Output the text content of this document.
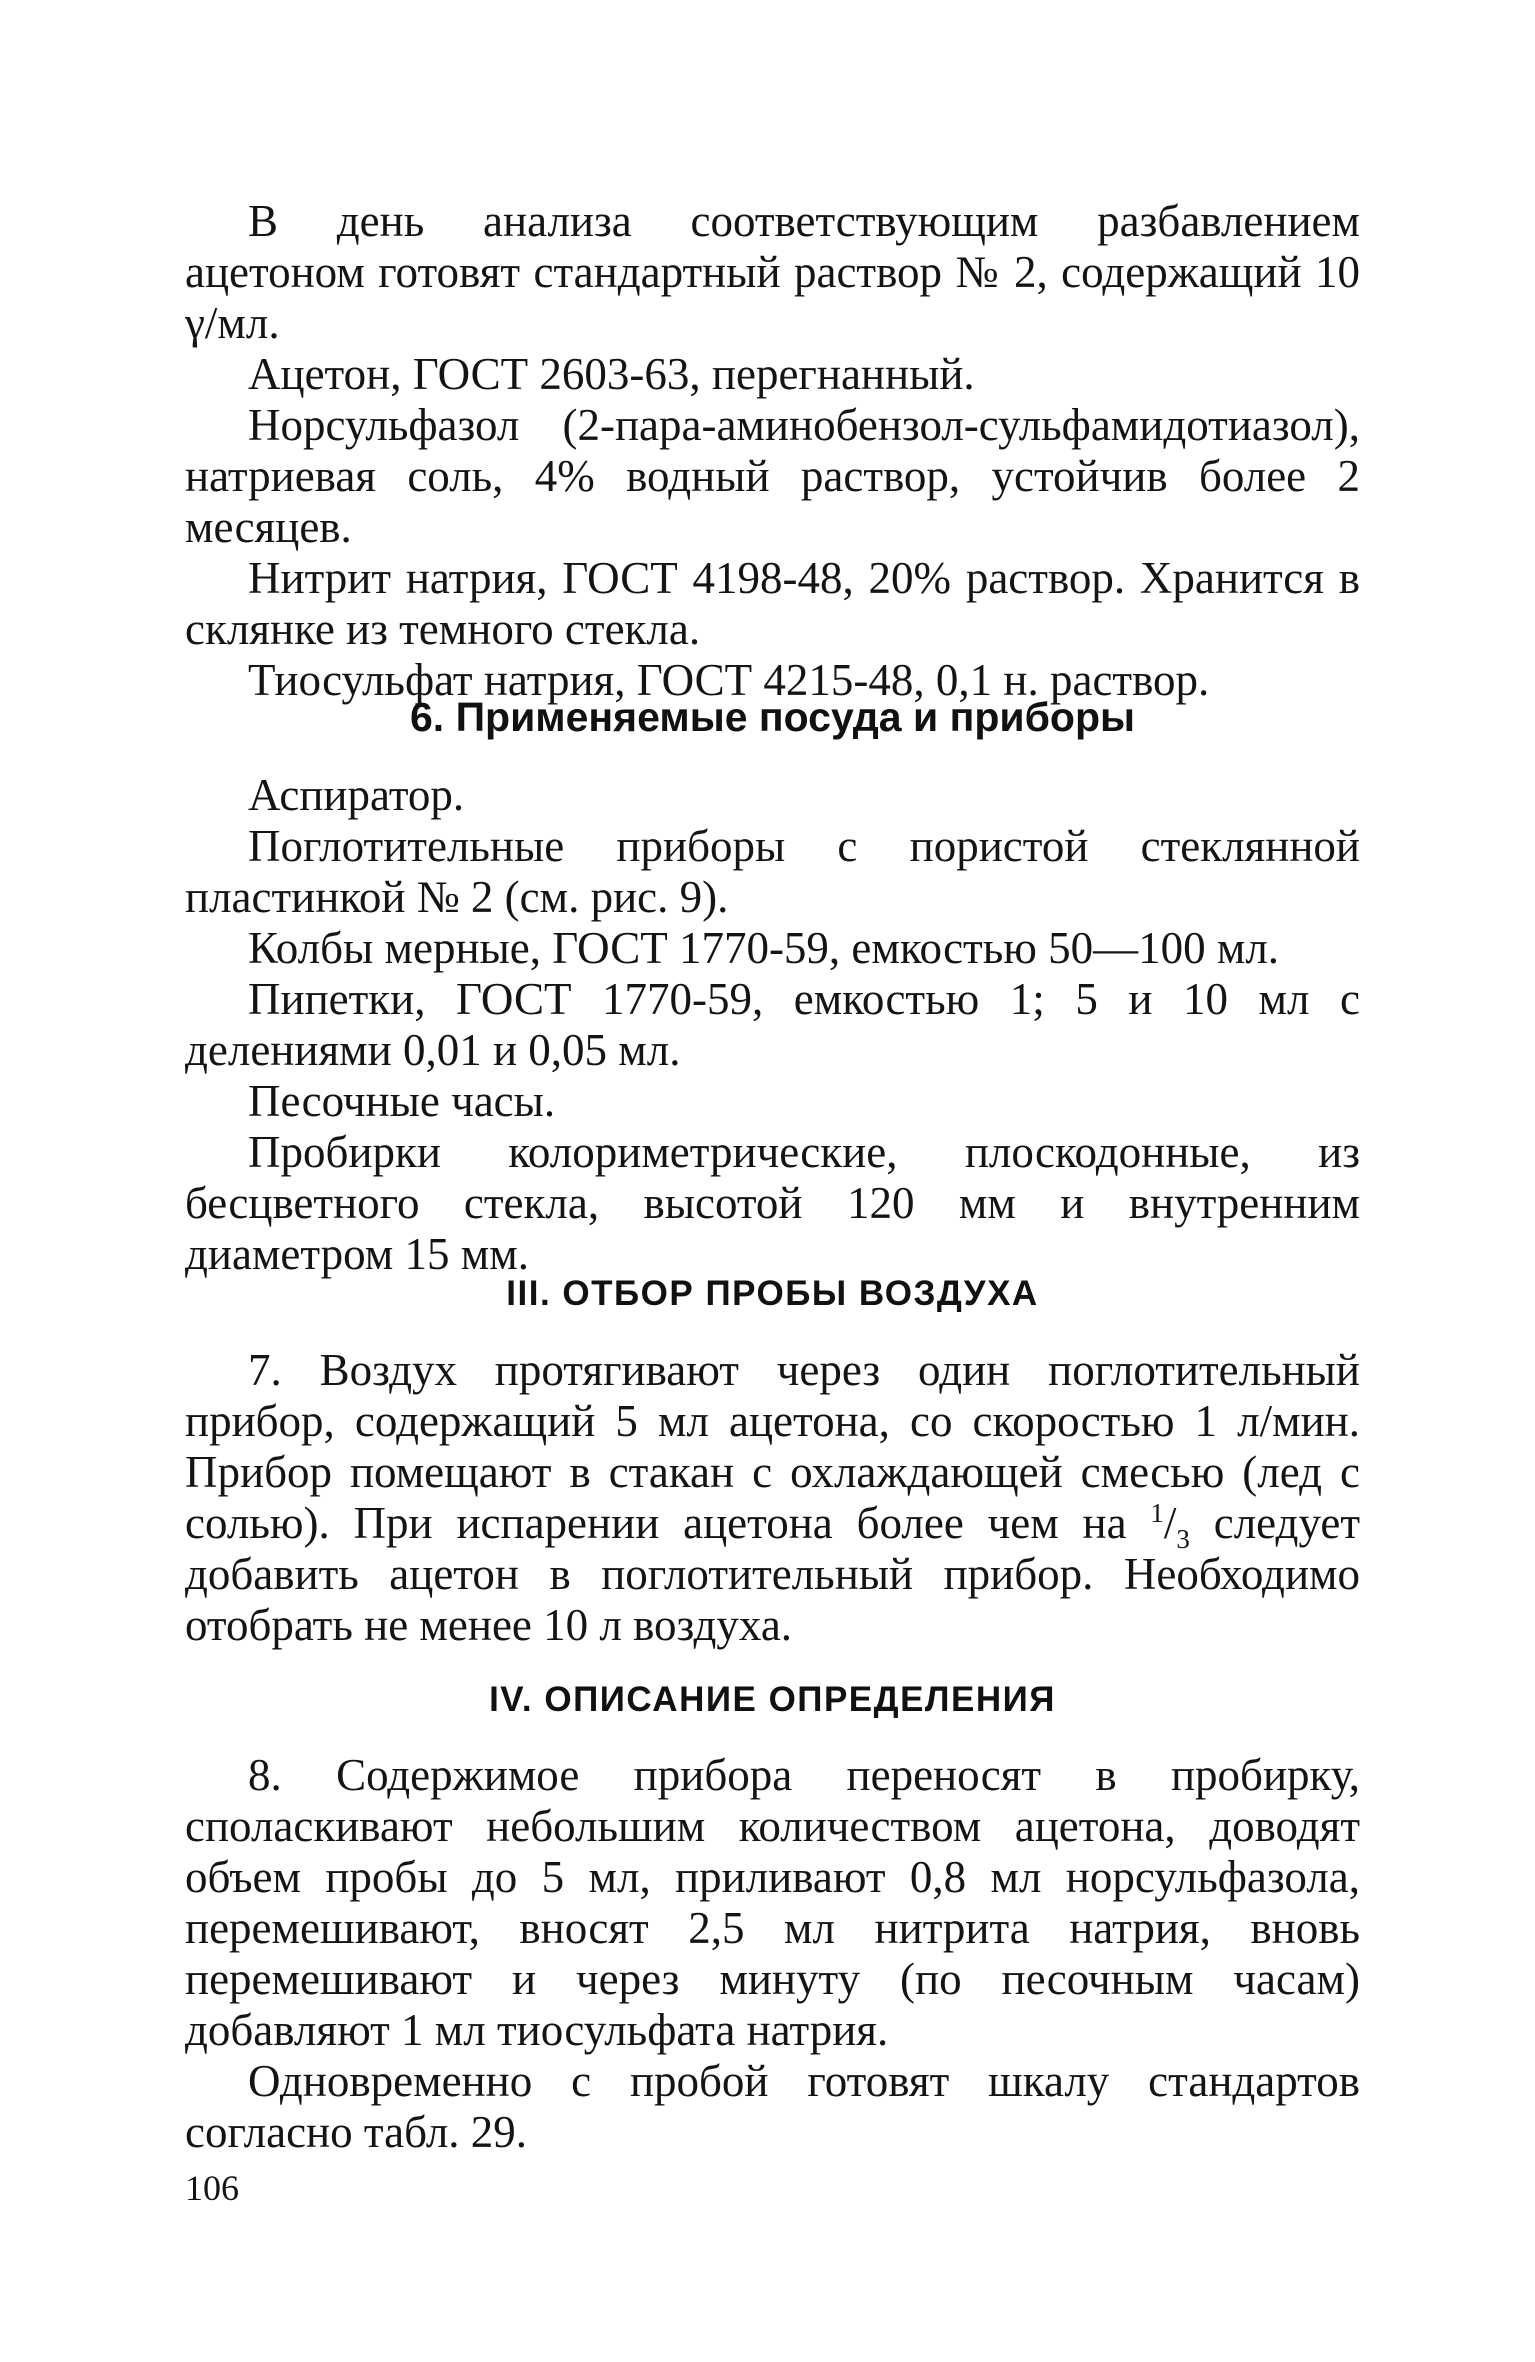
В день анализа соответствующим разбавлением ацетоном готовят стандартный раствор № 2, содержащий 10 γ/мл.

Ацетон, ГОСТ 2603-63, перегнанный.

Норсульфазол (2-пара-аминобензол-сульфамидотиазол), натриевая соль, 4% водный раствор, устойчив более 2 месяцев.

Нитрит натрия, ГОСТ 4198-48, 20% раствор. Хранится в склянке из темного стекла.

Тиосульфат натрия, ГОСТ 4215-48, 0,1 н. раствор.

6. Применяемые посуда и приборы

Аспиратор.

Поглотительные приборы с пористой стеклянной пластинкой № 2 (см. рис. 9).

Колбы мерные, ГОСТ 1770-59, емкостью 50—100 мл.

Пипетки, ГОСТ 1770-59, емкостью 1; 5 и 10 мл с делениями 0,01 и 0,05 мл.

Песочные часы.

Пробирки колориметрические, плоскодонные, из бесцветного стекла, высотой 120 мм и внутренним диаметром 15 мм.

III. ОТБОР ПРОБЫ ВОЗДУХА

7. Воздух протягивают через один поглотительный прибор, содержащий 5 мл ацетона, со скоростью 1 л/мин. Прибор помещают в стакан с охлаждающей смесью (лед с солью). При испарении ацетона более чем на $^1/_3$ следует добавить ацетон в поглотительный прибор. Необходимо отобрать не менее 10 л воздуха.

IV. ОПИСАНИЕ ОПРЕДЕЛЕНИЯ

8. Содержимое прибора переносят в пробирку, споласкивают небольшим количеством ацетона, доводят объем пробы до 5 мл, приливают 0,8 мл норсульфазола, перемешивают, вносят 2,5 мл нитрита натрия, вновь перемешивают и через минуту (по песочным часам) добавляют 1 мл тиосульфата натрия.

Одновременно с пробой готовят шкалу стандартов согласно табл. 29.

106
